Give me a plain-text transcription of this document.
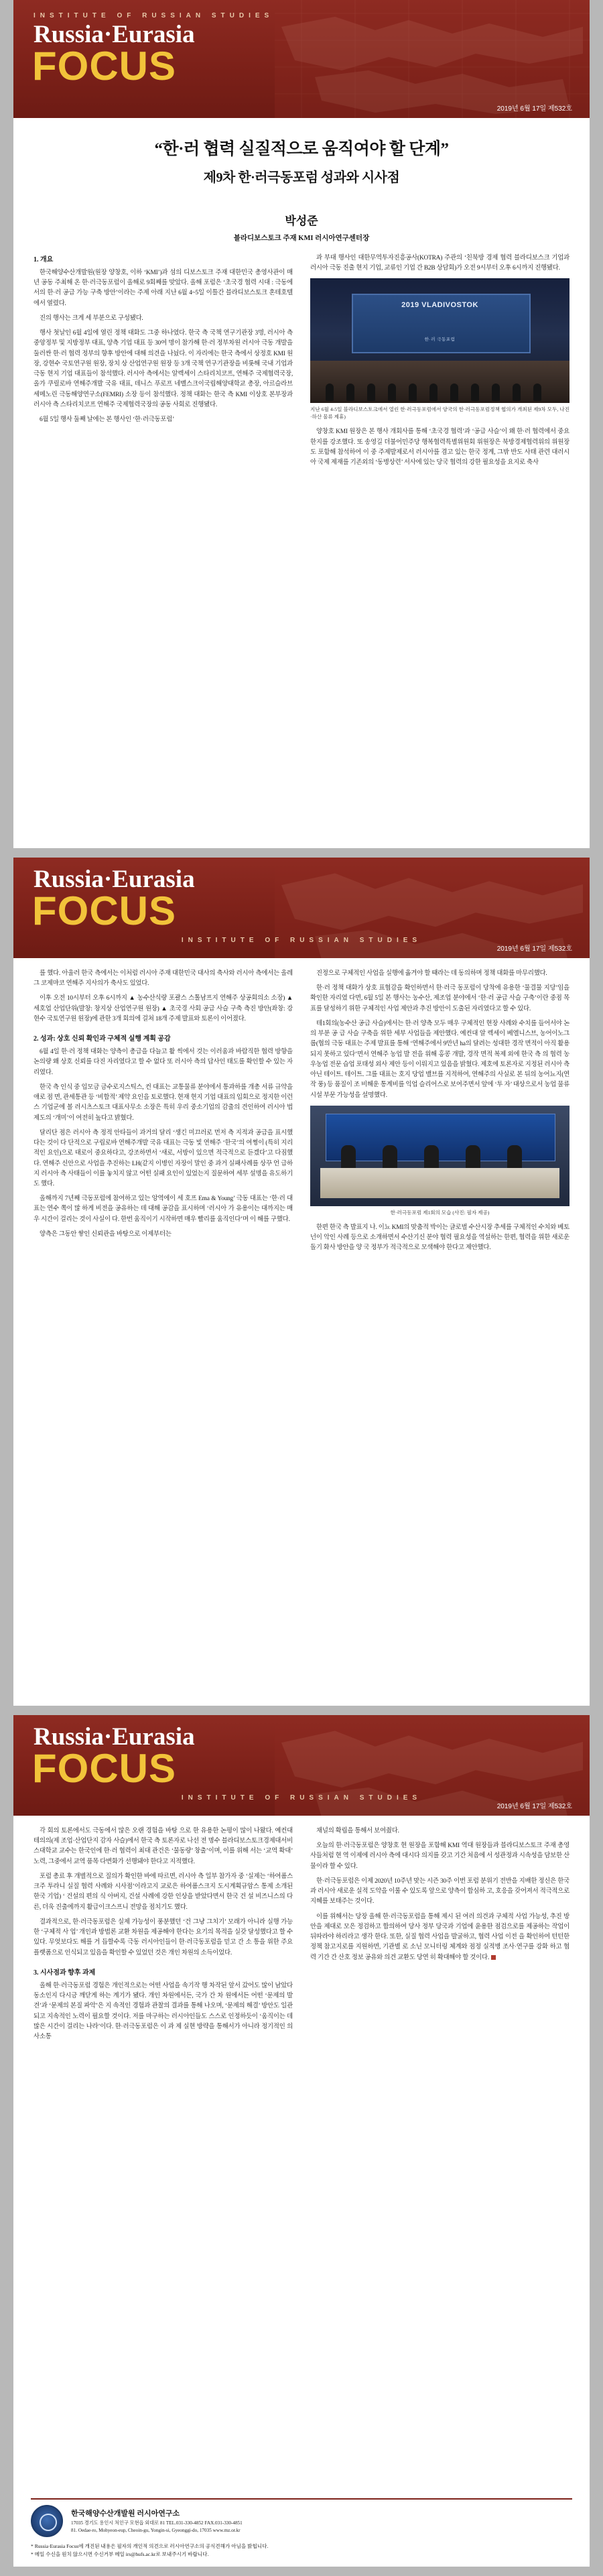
INSTITUTE OF RUSSIAN STUDIES
Russia·Eurasia
FOCUS
2019년 6월 17일 제532호
“한·러 협력 실질적으로 움직여야 할 단계”
제9차 한·러극동포럼 성과와 시사점
박성준
블라디보스토크 주재 KMI 러시아연구센터장
1. 개요

한국해양수산개발원(원장 양창호, 이하 ‘KMI’)과 섬의 디보스토크 주재 대한민국 총영사관이 매년 공동 주최해 온 한·러극동포럼이 올해로 9회째를 맞았다. 올해 포럼은 ‘초국경 협력 시대 : 극동에서의 한·러 공급 가능 구축 방안’이라는 주제 아래 지난 6월 4~5일 이틀간 블라디보스토크 혼테호텔에서 열렸다.

진의 행사는 크게 세 부분으로 구성됐다.

행사 첫날인 6월 4일에 열린 정책 대화도 그중 하나였다. 한국 측 국책 연구기관장 3명, 러시아 측 중앙정부 및 지방정부 대표, 양측 기업 대표 등 30여 명이 참가해 한·러 정부차원 러시아 극동 개발을 둘러싼 한·러 협력 정부의 향후 방안에 대해 의견을 나눴다. 이 자리에는 한국 측에서 상정호 KMI 원장, 강현수 국토연구원 원장, 장치 상 산업연구원 원장 등 3개 국책 연구기관장을 비롯해 국내 기업과 극동 현지 기업 대표들이 참석했다. 러시아 측에서는 알렉세이 스타리치코프, 연해주 국제협력국장, 올가 쿠릴로바 연해주개발 국유 대표, 데니스 푸로프 네벨스크이국립해양대학교 총장, 아르슬라브 세메노린 극동해양연구소(FEMRI) 소장 등이 참석했다. 정책 대화는 한국 측 KMI 이상호 본부장과 러시아 측 스타리치코프 연해주 국제협력국장의 공동 사회로 진행됐다.

6월 5일 행사 둘째 날에는 본 행사인 ‘한·러극동포럼’

과 부대 행사인 대한무역투자진흥공사(KOTRA) 주관의 ‘친북방 경제 협력 블라디보스크 기업과 러시아 극동 진출 현지 기업, 교류인 기업 간 B2B 상담회)가 오전 9시부터 오후 6시까지 진행됐다.

2019 VLADIVOSTOK
한·러 극동포럼
지난 6월 4-5일 블라디보스토크에서 열린 한·러극동포럼에서 양국의 한·러극동포럼정책 협의가 개최된 제9차 모두, 나진·하산 물류 제휴)

양창호 KMI 원장은 본 행사 개회사를 통해 ‘초국경 협력’과 ‘공급 사슬’이 왜 한·러 협력에서 중요한지를 강조했다. 또 송영길 더불어민주당 행복협력특별위원회 위원장은 북방경제협력위의 위원장도 포함해 참석하여 이 중 주제발제로서 러시아를 겸고 있는 한국 정계, 그밖 반도 사태 관련 대러시아 국제 제재를 기존외의 ‘동병상련’ 서사에 있는 당국 협력의 강한 필요성을 요지로 축사

Russia·Eurasia
FOCUS
INSTITUTE OF RUSSIAN STUDIES
2019년 6월 17일 제532호

를 했다. 아울러 한국 측에서는 이처럼 러시아 주재 대한민국 대사의 축사와 러시아 측에서는 올레그 코제먀코 연해주 지사의가 축사도 있었다.

이후 오전 10시부터 오후 6시까지 ▲ 농수산식량 포괄스 스톨남프지 연해주 상공회의소 소장) ▲ 세호업 산업단위(발창: 창지상 산업연구원 원장) ▲ 초국경 사회 공급 사슬 구축 측진 방안(좌창: 강현수 국토연구원 원장)에 관한 3개 회의에 걸쳐 18개 주제 발표와 토론이 이어졌다.

2. 성과: 상호 신뢰 확인과 구체적 실행 계획 공감

6월 4일 한·러 정책 대화는 양측이 총급을 다늘고 활 씩에서 것는 이러움과 바람직한 협력 방향을 논의량 왜 상호 신뢰를 다진 자리였다고 할 수 없다 또 러시아 측의 답사인 태도를 확인할 수 있는 자리였다.

한국 측 인식 중 입모금 금수로지스틱스, 컨 대표는 교통물류 분야에서 통과하를 개총 서류 규약을 애로 점 면, 관세통관 등 ‘비합적’ 제약 요인을 토로했다. 현재 현지 기업 대표의 입회으로 정지한 이런스 기업군에 볼 러시츠스토크 대표사무소 소장은 특히 우리 중소기업의 감출의 견인하여 러시아 법 제도의 ‘개미’이 여전히 높다고 밝혔다.

달리단 점은 러시아 측 정적 안타들이 과거의 달리 ‘생긴 미끄러로 먼저 측 지적과 공급을 표시했다는 것이 다 단적으로 구립로바 연해주개발 국유 대표는 극동 빛 연해주 ‘한국’의 여쩡이 (특히 지리적인 요인)으로 대로이 중요하다고, 강조하면서 ‘새로, 서방이 있으면 적극적으로 듣겠다’고 다짐했다. 연해주 신안으로 사업을 추진하는 LH(같지 이병인 자장이 말인 중 과거 실패사례를 상꾸 언 급하지 러시아 측 사태들이 이를 놓치지 않고 어떤 실패 요인이 있었는지 질문하여 세부 설명을 유도하기도 했다.

올해까지 7년째 극동포럼에 참여하고 있는 앙역에이 세 호프 Ema & Young’ 극동 대표는 ‘한·러 대표는 연수 쪽이 많 하게 비전을 공유하는 데 대해 공감을 표시하며 ‘러시아 가 유용이는 대까지는 매우 시간이 걸리는 것이 사실이 다. 한번 움직이기 시작하면 매우 빨리를 움직인다’며 이 해를 구했다.

양측은 그동안 쌓인 신뢰관을 바탕으로 이제부터는

진정으로 구체적인 사업을 실행에 옮겨야 할 때라는 데 동의하며 정책 대화를 마무리했다.

한·러 정책 대화가 상호 표협감을 확인하면서 한·러극 동포럼이 당착에 유용한 ‘물결물 지당’임을 확인한 자리였 다면, 6월 5일 본 행사는 농수산, 제조업 분야에서 ‘한·러 공급 사슬 구축’이란 중점 목표를 달성하기 위한 구체적인 사업 제안과 추진 방안이 도출된 자리였다고 할 수 있다.

테1회의(농수산 공급 사슬)에서는 한·러 양측 모두 매우 구체적인 현장 사례와 수치를 들어서야 논의 부분 공 급 사슬 구축을 위한 세부 사업들을 제안했다. 예컨대 알 렉세이 베엘니스브, 농어이노그룹(협의 극동 대표는 주제 발표를 통해 ‘연해주에서 9만년 ha의 달려는 성대한 경작 면적이 아직 활용되지 못하고 있다’면서 연해주 농업 발 전을 위해 홍콩 개발, 경작 면적 복제 외에 한국 측 의 협력 농우농업 전문 습업 포태성 외사 제안 등이 이뤄지고 있음을 밝혔다. 제호에 토론자로 지정된 러시아 측 아닌 테이트. 테이트. 그를 대표는 호지 당업 밸브를 지적하여, 연해주의 사실로 본 뒤의 농어뇨지(연작 풍) 등 품질이 조 비해운 통계비를 익업 슬리어스로 보여주면서 앞에 ‘투 자’ 대상으로서 농업 물류 시설 부문 가능성을 설명했다.

한·러극동포럼 제1회의 모습 (사진: 필자 제공)

한편 한국 측 발표지 나. 이뇨 KMI의 맞춤적 박이는 글로벌 수산시장 추세를 구체적인 수치와 베토넌이 악인 사례 등으로 소개하면서 수산기신 분야 협력 필요성을 역설하는 한편, 협력을 위한 새로운 돌기 화사 방안을 양 국 정부가 적극적으로 모색해야 한다고 제안했다.

Russia·Eurasia
FOCUS
INSTITUTE OF RUSSIAN STUDIES
2019년 6월 17일 제532호

각 회의 토론에서도 극동에서 많은 오랜 경험을 바탕 으로 한 유용한 논평이 많이 나왔다. 예컨대 테의의(제 조업·산업단지 감자 사슬)에서 한국 측 토론자로 나선 전 명수 블라디보스토크경제대서비스대학교 교수는 한국인에 한·러 협력이 최대 관건은 ‘물동량’ 창출’이며, 이를 위해 서는 ‘교역 확대’ 노력, 그중에서 교역 품목 다변화가 선행돼야 한다고 지적했다.

포럼 총료 후 개별적으로 질의가 확인한 바에 따르면, 러시아 측 일부 참가자 중 ‘실제는 ‘하여폼스크주 투라니 실질 협력 사례와 시사점’이라고지 교로은 하여폼스크지 도시계획규암스 통제 소개된 한국 기업) ‘ 건설의 편의 식 아버지, 건설 사례에 강한 인상을 받았다면서 한국 건 설 비즈니스의 다른, 더욱 진출에까지 활급이크스프니 전망을 점치기도 했다.

결과적으로, 한·러극동포럼은 실제 가능성이 풍분했던 ‘건 그냥 그치기’ 모래가 아니라 실행 가능한 ‘구체적 사 업’ 개인과 방법론 교환 차원을 제공해야 한다는 요기의 목적을 실갖 달성했다고 할 수 있다. 무엇보다도 해를 거 듭할수록 극동 러시아인들이 한·러극동포럼을 믿고 간 소 통을 위한 주요 플랫폼으로 인식되고 있음을 확인할 수 있었던 것은 개인 차원의 소득이었다.

3. 시사점과 향후 과제

올해 한·러극동포럼 경험은 개인적으로는 어떤 사업을 속기작 행 차작된 앞서 갔어도 많이 남았다 동소인지 다시금 깨닫게 하는 계기가 됐다. 개인 차원에서든, 국가 간 차 원에서든 어떤 ‘문제의 발견’과 ‘문제의 본질 파악’은 지 속적인 경험과 관찰의 결과를 통해 나오며, ‘문제의 해결’ 방안도 일관되고 지속적인 노력이 필요할 것이다. 저를 마구하는 러시아인들도 스스로 인정하듯이 ‘움직이는 데 많은 시간이 걸리는 나라’이다. 한·러극동포럼은 이 과 제 실현 방략을 통해서가 아니라 정기적인 의사소통

채널의 확립을 통해서 보여줬다.

오늘의 한·러극동포럼은 양창호 현 원장을 포함해 KMI 역대 원장들과 블라디보스토크 주재 총영사들처럼 현 역 이제에 러시아 측에 대시다 의지를 갖고 기간 처음에 서 성관정과 시속성을 담보한 산물이라 할 수 있다.

한·러극동포럼은 이제 2020년 10주년 맞는 시즌 30주 이번 포럼 분위기 전반을 지배한 정신은 한국과 러시아 새로운 실적 도약을 이룰 수 있도록 앞으로 양측이 합심하 고, 호응을 갖어져서 적극적으로 지혜를 보태주는 것이다.

이를 위해서는 당장 올해 한·러극동포럼을 통해 제시 된 여러 의견과 구체적 사업 가능성, 추진 방안을 제대로 모은 정검하고 합의하여 당사 정부 당국과 기업에 윤용한 점검으로를 제공하는 작업이 뒤따라야 하리라고 생각 한다. 또한, 실질 협력 사업을 발굴하고, 협력 사업 이전 을 확인하여 턴턴한 정책 참고지로를 지원하면, 기관별 로 소닌 모니터링 체계와 점정 실적병 조사·연구를 강화 하고 협력 기간 간 산호 정보 공유와 의견 교환도 당연 히 확대해야 할 것이다.

한국해양수산개발원 러시아연구소
17035 경기도 용인시 처인구 모현읍 외대로 81 TEL.031-330-4852 FAX.031-330-4851
81. Oedae-ro, Mohyeon-eup, Cheoin-gu, Yongin-si, Gyeonggi-do, 17035 www.mz.or.kr
* Russia·Eurasia Focus에 개진된 내용은 필자의 개인적 의견으로 러시아연구소의 공식견해가 아님을 밝힙니다.
* 메일 수신을 원치 않으시면 수신거부 메일 irs@hufs.ac.kr로 보내주시기 바랍니다.
